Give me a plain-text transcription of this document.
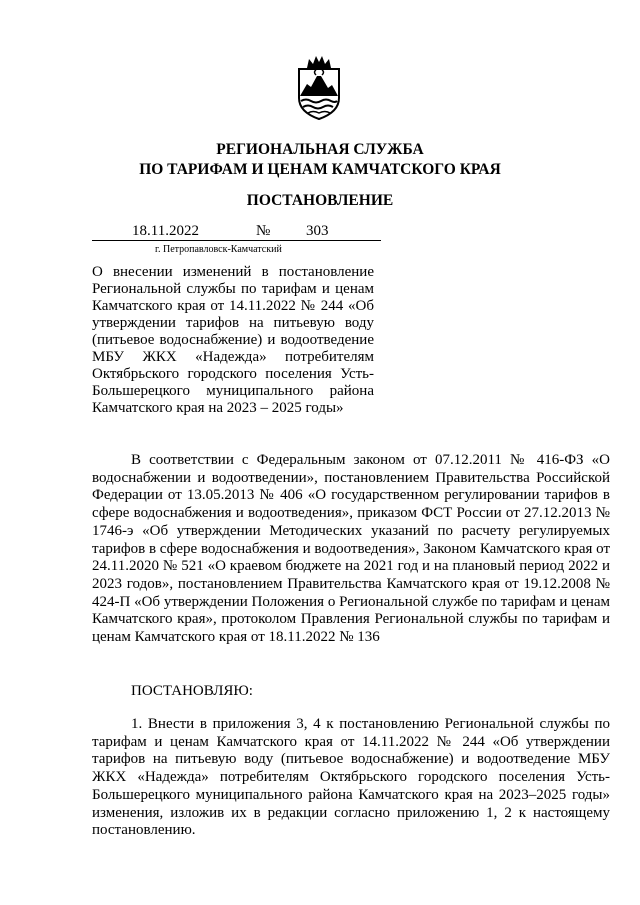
РЕГИОНАЛЬНАЯ СЛУЖБА
ПО ТАРИФАМ И ЦЕНАМ КАМЧАТСКОГО КРАЯ
ПОСТАНОВЛЕНИЕ
18.11.2022	№ 303
г. Петропавловск-Камчатский
О внесении изменений в постановление Региональной службы по тарифам и ценам Камчатского края от 14.11.2022 № 244 «Об утверждении тарифов на питьевую воду (питьевое водоснабжение) и водоотведение МБУ ЖКХ «Надежда» потребителям Октябрьского городского поселения Усть-Большерецкого муниципального района Камчатского края на 2023 – 2025 годы»
В соответствии с Федеральным законом от 07.12.2011 № 416-ФЗ «О водоснабжении и водоотведении», постановлением Правительства Российской Федерации от 13.05.2013 № 406 «О государственном регулировании тарифов в сфере водоснабжения и водоотведения», приказом ФСТ России от 27.12.2013 № 1746-э «Об утверждении Методических указаний по расчету регулируемых тарифов в сфере водоснабжения и водоотведения», Законом Камчатского края от 24.11.2020 № 521 «О краевом бюджете на 2021 год и на плановый период 2022 и 2023 годов», постановлением Правительства Камчатского края от 19.12.2008 № 424-П «Об утверждении Положения о Региональной службе по тарифам и ценам Камчатского края», протоколом Правления Региональной службы по тарифам и ценам Камчатского края от 18.11.2022 № 136
ПОСТАНОВЛЯЮ:
1. Внести в приложения 3, 4 к постановлению Региональной службы по тарифам и ценам Камчатского края от 14.11.2022 № 244 «Об утверждении тарифов на питьевую воду (питьевое водоснабжение) и водоотведение МБУ ЖКХ «Надежда» потребителям Октябрьского городского поселения Усть-Большерецкого муниципального района Камчатского края на 2023–2025 годы» изменения, изложив их в редакции согласно приложению 1, 2 к настоящему постановлению.
